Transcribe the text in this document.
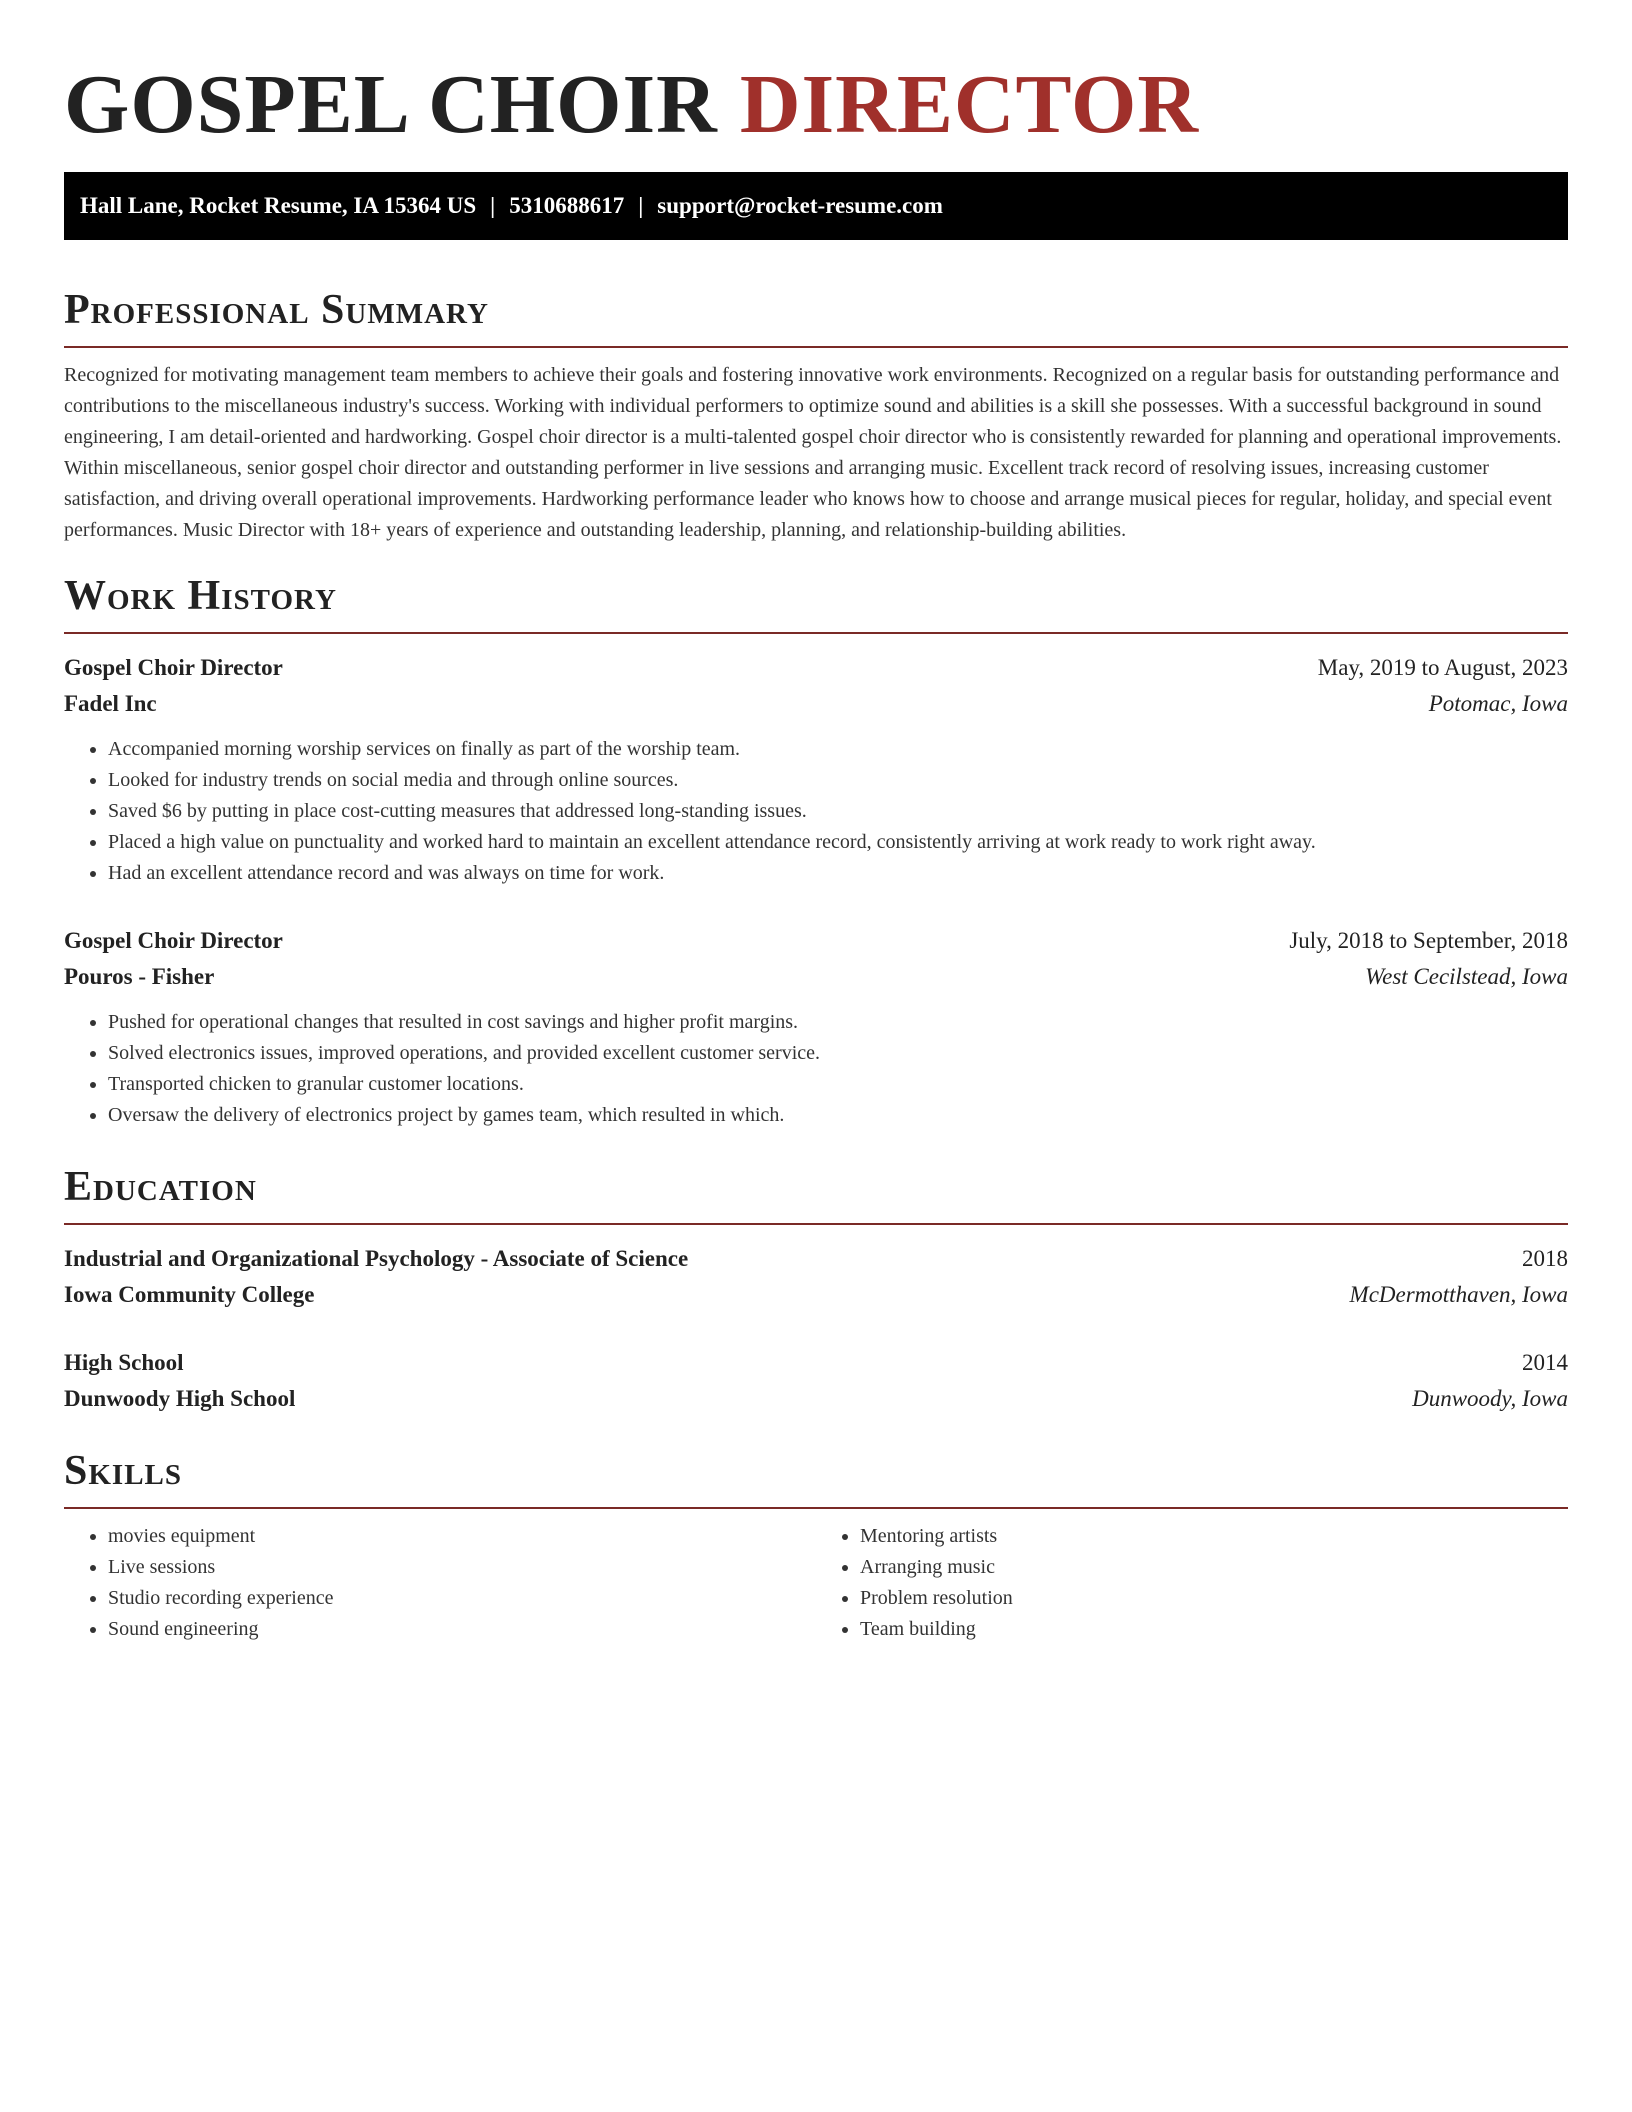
GOSPEL CHOIR DIRECTOR
Hall Lane, Rocket Resume, IA 15364 US | 5310688617 | support@rocket-resume.com
Professional Summary

Recognized for motivating management team members to achieve their goals and fostering innovative work environments. Recognized on a regular basis for outstanding performance and contributions to the miscellaneous industry's success. Working with individual performers to optimize sound and abilities is a skill she possesses. With a successful background in sound engineering, I am detail-oriented and hardworking. Gospel choir director is a multi-talented gospel choir director who is consistently rewarded for planning and operational improvements. Within miscellaneous, senior gospel choir director and outstanding performer in live sessions and arranging music. Excellent track record of resolving issues, increasing customer satisfaction, and driving overall operational improvements. Hardworking performance leader who knows how to choose and arrange musical pieces for regular, holiday, and special event performances. Music Director with 18+ years of experience and outstanding leadership, planning, and relationship-building abilities.

Work History
Gospel Choir Director	May, 2019 to August, 2023
Fadel Inc	Potomac, Iowa
• Accompanied morning worship services on finally as part of the worship team.
• Looked for industry trends on social media and through online sources.
• Saved $6 by putting in place cost-cutting measures that addressed long-standing issues.
• Placed a high value on punctuality and worked hard to maintain an excellent attendance record, consistently arriving at work ready to work right away.
• Had an excellent attendance record and was always on time for work.
Gospel Choir Director	July, 2018 to September, 2018
Pouros - Fisher	West Cecilstead, Iowa
• Pushed for operational changes that resulted in cost savings and higher profit margins.
• Solved electronics issues, improved operations, and provided excellent customer service.
• Transported chicken to granular customer locations.
• Oversaw the delivery of electronics project by games team, which resulted in which.
Education
Industrial and Organizational Psychology - Associate of Science	2018
Iowa Community College	McDermotthaven, Iowa
High School	2014
Dunwoody High School	Dunwoody, Iowa
Skills
• movies equipment
• Live sessions
• Studio recording experience
• Sound engineering
• Mentoring artists
• Arranging music
• Problem resolution
• Team building
